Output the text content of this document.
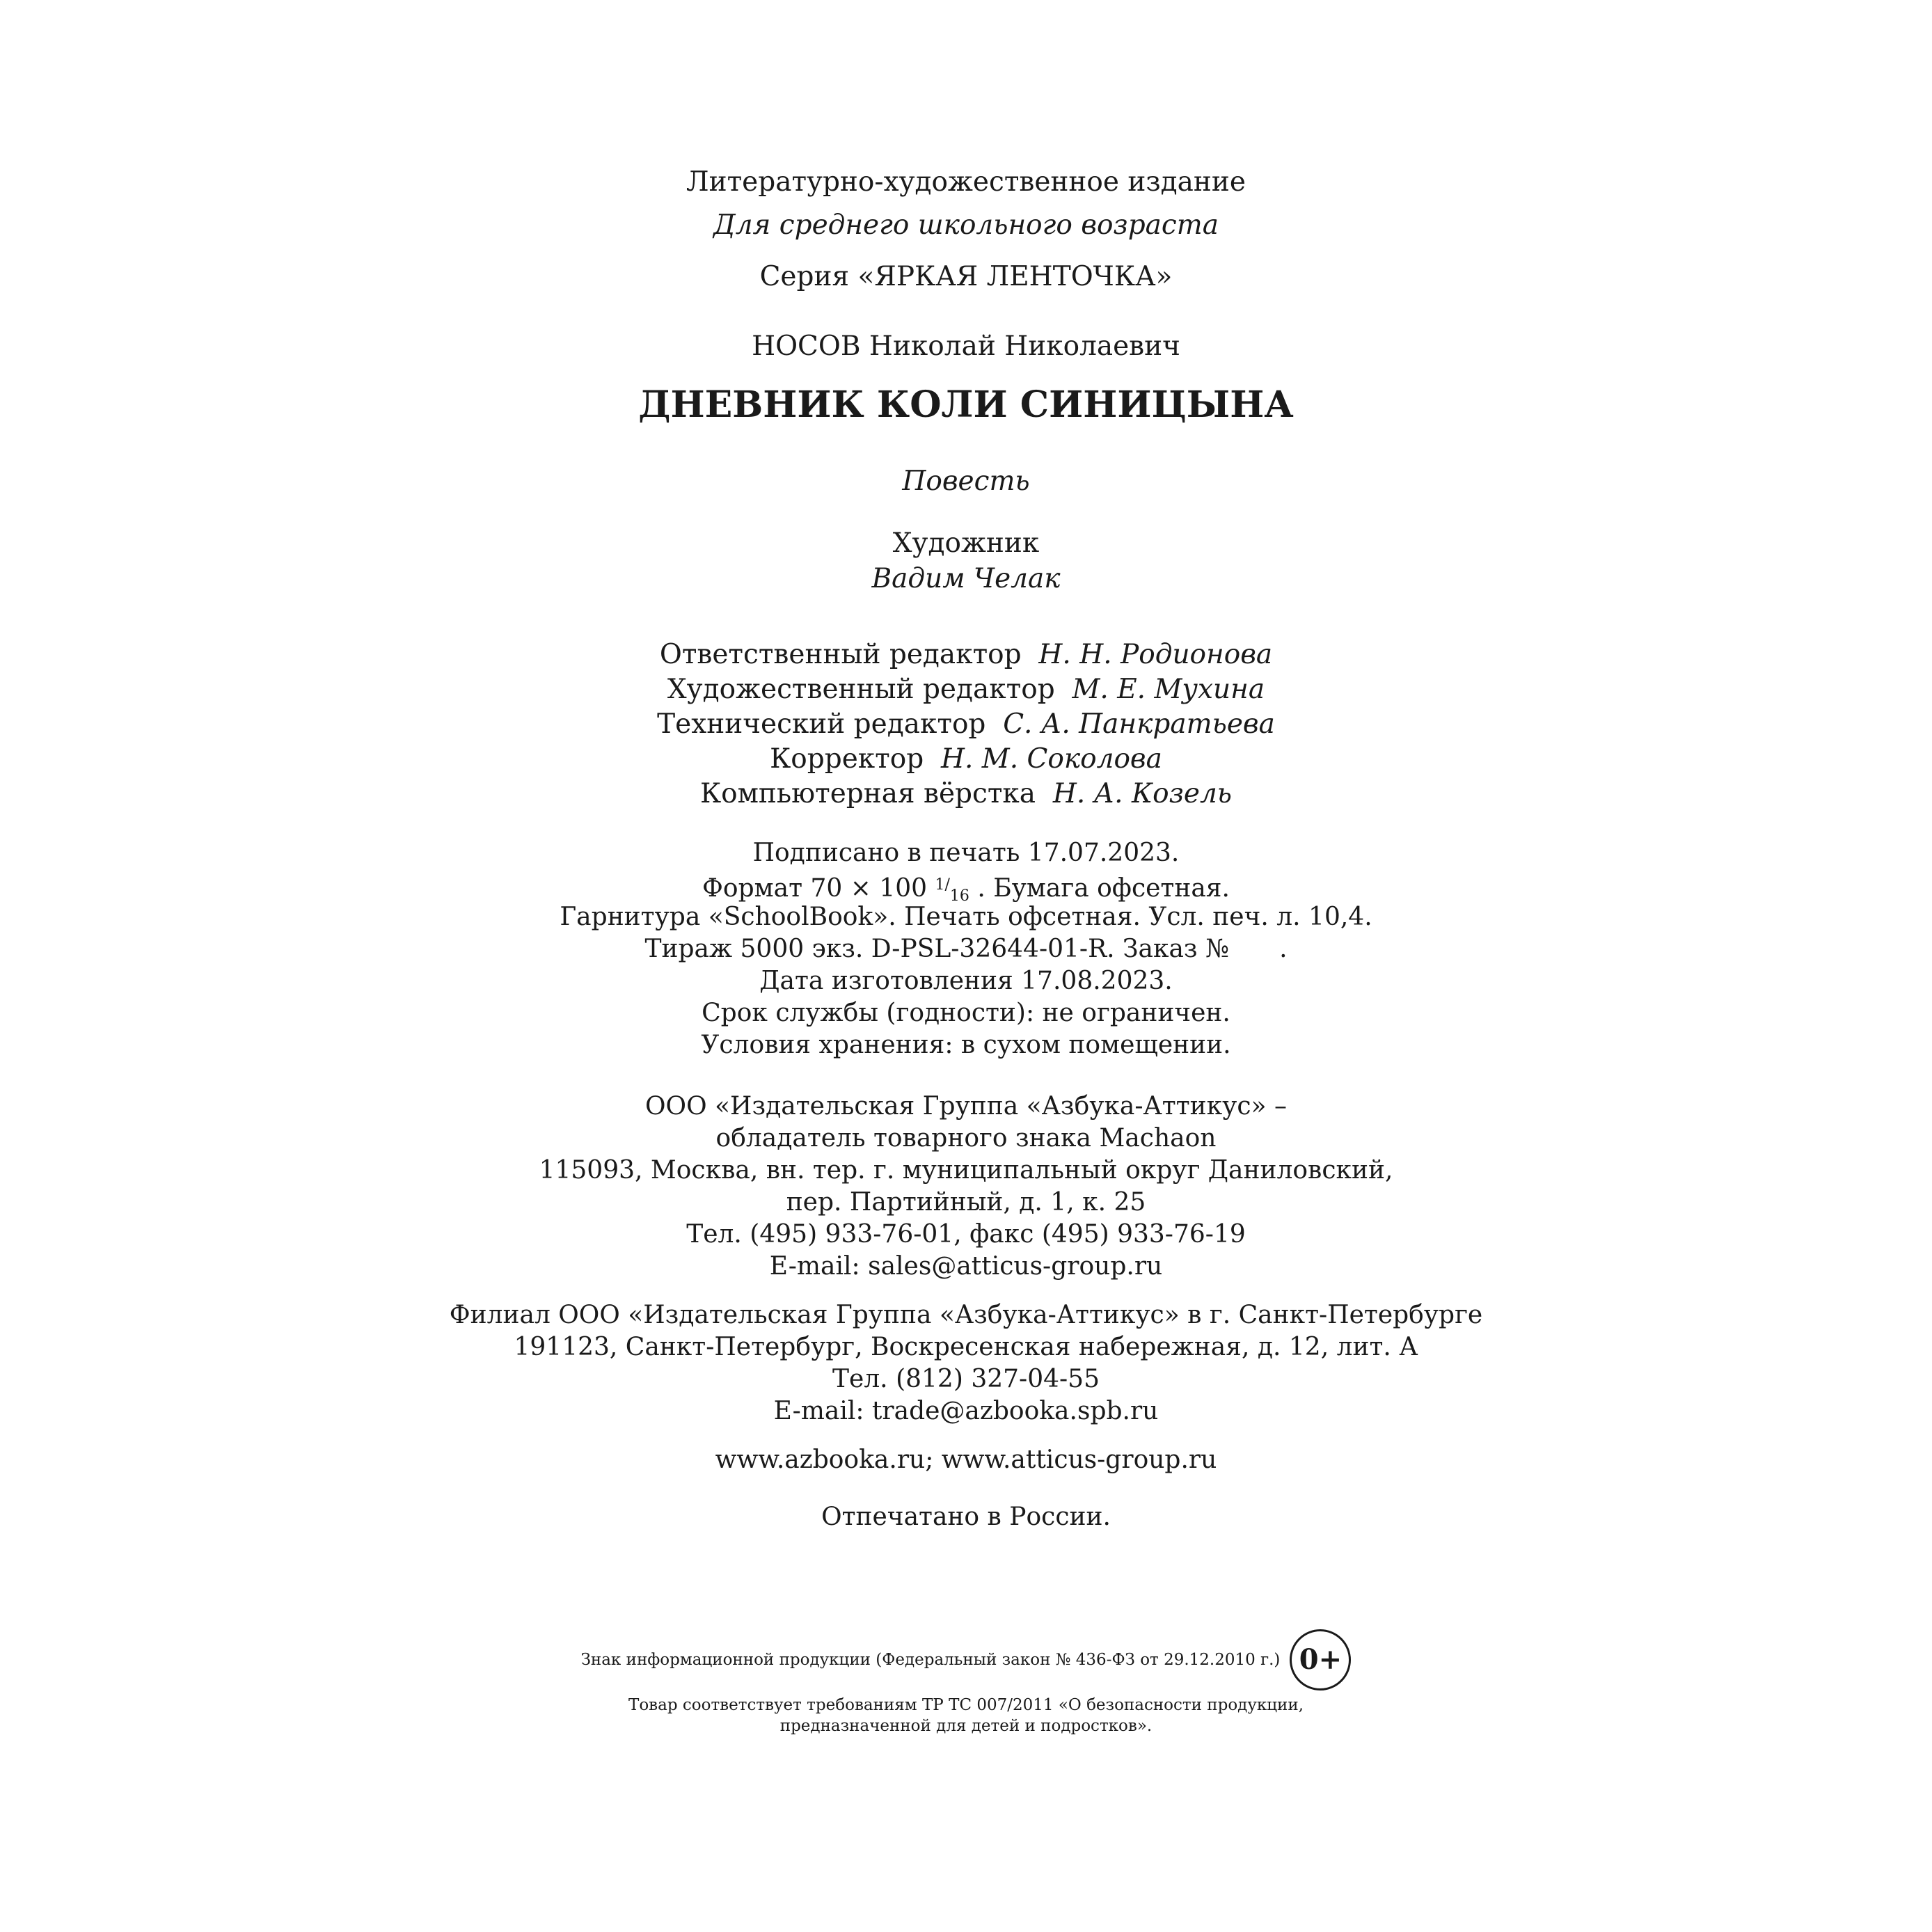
Литературно-художественное издание
Для среднего школьного возраста
Серия «ЯРКАЯ ЛЕНТОЧКА»
НОСОВ Николай Николаевич
ДНЕВНИК КОЛИ СИНИЦЫНА
Повесть
Художник
Вадим Челак
Ответственный редактор Н. Н. Родионова
Художественный редактор М. Е. Мухина
Технический редактор С. А. Панкратьева
Корректор Н. М. Соколова
Компьютерная вёрстка Н. А. Козель
Подписано в печать 17.07.2023.
Формат 70 × 100 $^{1/}_{16}$ . Бумага офсетная.
Гарнитура «SchoolBook». Печать офсетная. Усл. печ. л. 10,4.
Тираж 5000 экз. D-PSL-32644-01-R. Заказ № .
Дата изготовления 17.08.2023.
Срок службы (годности): не ограничен.
Условия хранения: в сухом помещении.
ООО «Издательская Группа «Азбука-Аттикус» –
обладатель товарного знака Machaon
115093, Москва, вн. тер. г. муниципальный округ Даниловский,
пер. Партийный, д. 1, к. 25
Тел. (495) 933-76-01, факс (495) 933-76-19
E-mail: sales@atticus-group.ru
Филиал ООО «Издательская Группа «Азбука-Аттикус» в г. Санкт-Петербурге
191123, Санкт-Петербург, Воскресенская набережная, д. 12, лит. А
Тел. (812) 327-04-55
E-mail: trade@azbooka.spb.ru
www.azbooka.ru; www.atticus-group.ru
Отпечатано в России.
Знак информационной продукции (Федеральный закон № 436-ФЗ от 29.12.2010 г.) 0+
Товар соответствует требованиям ТР ТС 007/2011 «О безопасности продукции,
предназначенной для детей и подростков».
